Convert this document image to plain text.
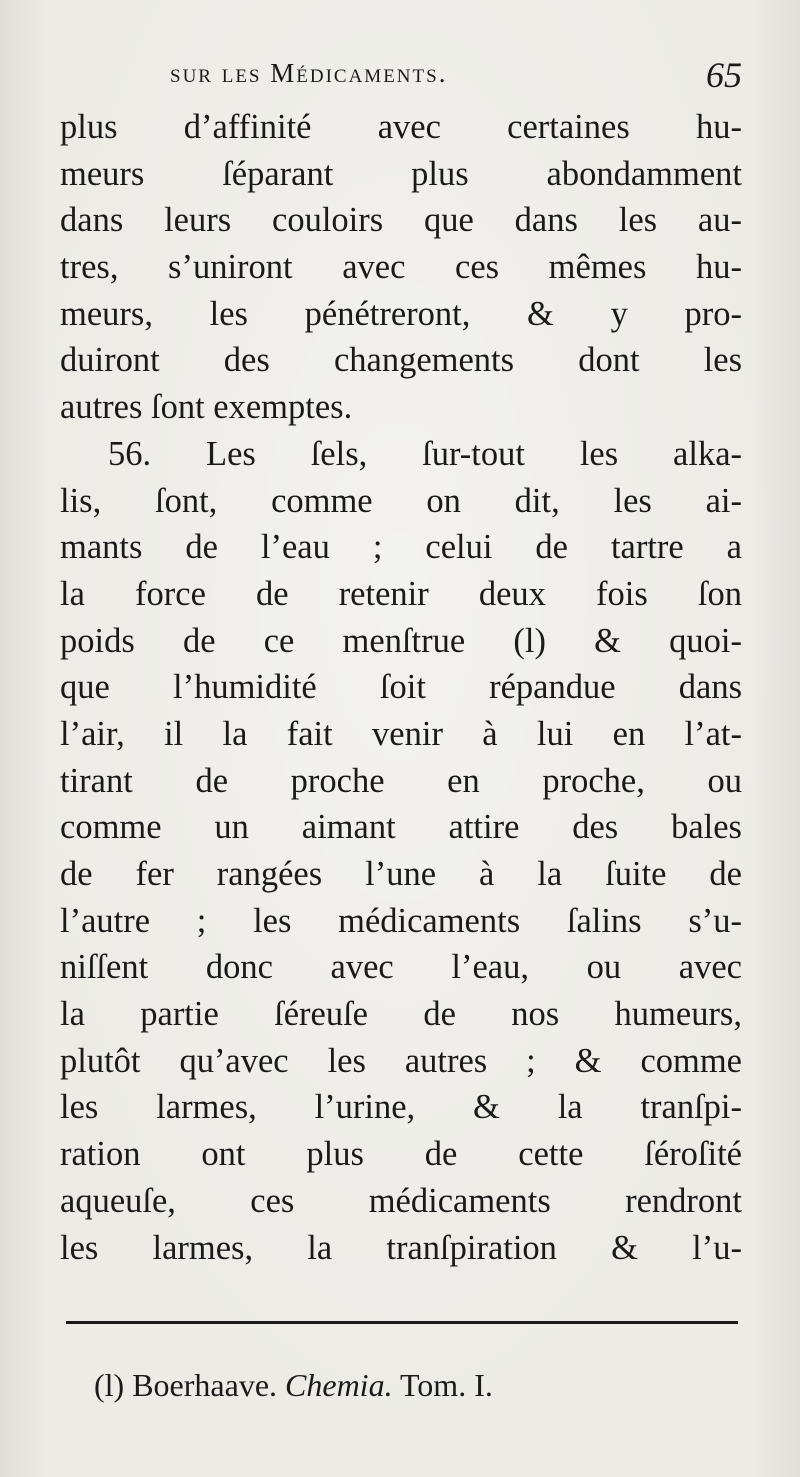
sur les Médicaments.	65
plus d’affinité avec certaines hu-
meurs ſéparant plus abondamment
dans leurs couloirs que dans les au-
tres, s’uniront avec ces mêmes hu-
meurs, les pénétreront, & y pro-
duiront des changements dont les
autres ſont exemptes.
56. Les ſels, ſur-tout les alka-
lis, ſont, comme on dit, les ai-
mants de l’eau ; celui de tartre a
la force de retenir deux fois ſon
poids de ce menſtrue (l) & quoi-
que l’humidité ſoit répandue dans
l’air, il la fait venir à lui en l’at-
tirant de proche en proche, ou
comme un aimant attire des bales
de fer rangées l’une à la ſuite de
l’autre ; les médicaments ſalins s’u-
niſſent donc avec l’eau, ou avec
la partie ſéreuſe de nos humeurs,
plutôt qu’avec les autres ; & comme
les larmes, l’urine, & la tranſpi-
ration ont plus de cette ſéroſité
aqueuſe, ces médicaments rendront
les larmes, la tranſpiration & l’u-
(l) Boerhaave. Chemia. Tom. I.
